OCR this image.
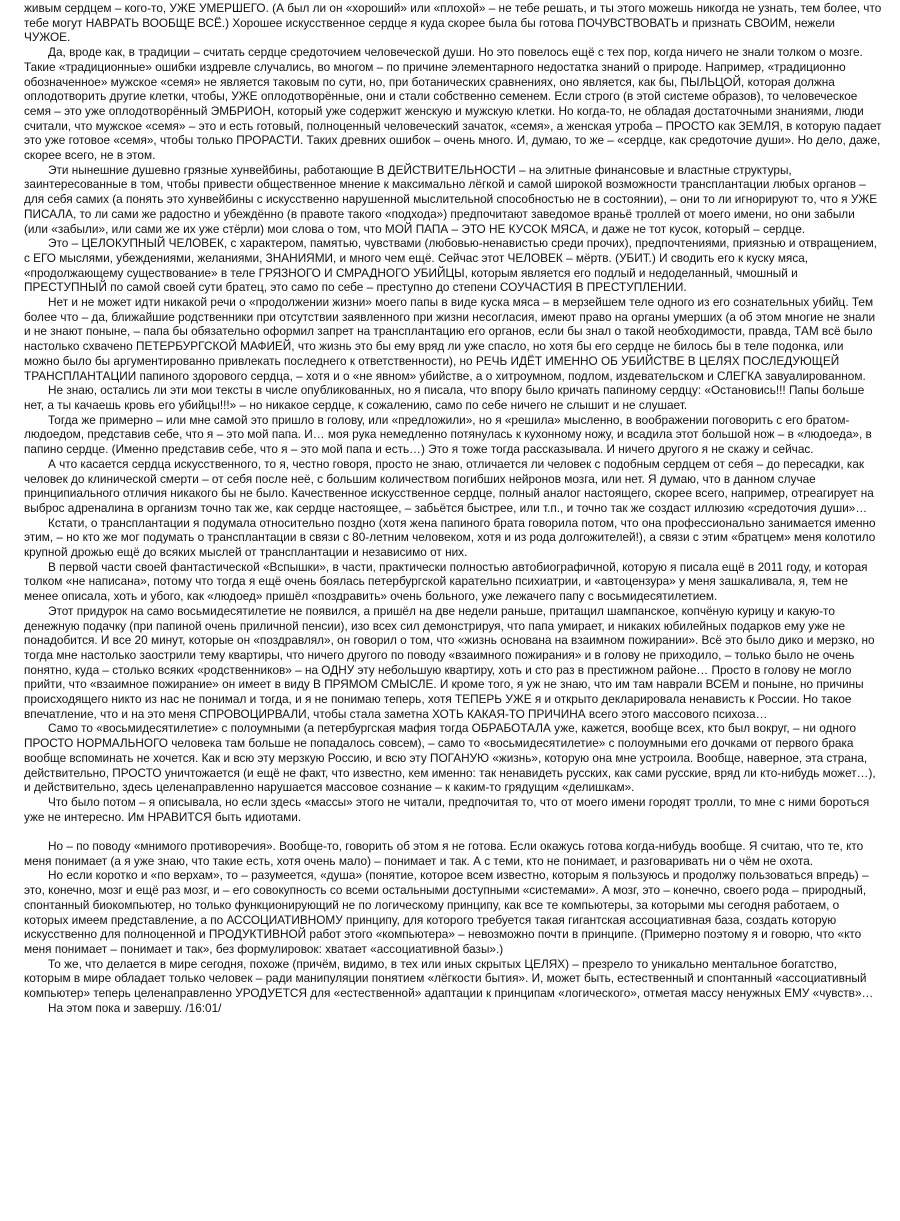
живым сердцем – кого-то, УЖЕ УМЕРШЕГО. (А был ли он «хороший» или «плохой» – не тебе решать, и ты этого можешь никогда не узнать, тем более, что тебе могут НАВРАТЬ ВООБЩЕ ВСЁ.) Хорошее искусственное сердце я куда скорее была бы готова ПОЧУВСТВОВАТЬ и признать СВОИМ, нежели ЧУЖОЕ.

Да, вроде как, в традиции – считать сердце средоточием человеческой души. Но это повелось ещё с тех пор, когда ничего не знали толком о мозге. Такие «традиционные» ошибки издревле случались, во многом – по причине элементарного недостатка знаний о природе. Например, «традиционно обозначенное» мужское «семя» не является таковым по сути, но, при ботанических сравнениях, оно является, как бы, ПЫЛЬЦОЙ, которая должна оплодотворить другие клетки, чтобы, УЖЕ оплодотворённые, они и стали собственно семенем. Если строго (в этой системе образов), то человеческое семя – это уже оплодотворённый ЭМБРИОН, который уже содержит женскую и мужскую клетки. Но когда-то, не обладая достаточными знаниями, люди считали, что мужское «семя» – это и есть готовый, полноценный человеческий зачаток, «семя», а женская утроба – ПРОСТО как ЗЕМЛЯ, в которую падает это уже готовое «семя», чтобы только ПРОРАСТИ. Таких древних ошибок – очень много. И, думаю, то же – «сердце, как средоточие души». Но дело, даже, скорее всего, не в этом.

Эти нынешние душевно грязные хунвейбины, работающие В ДЕЙСТВИТЕЛЬНОСТИ – на элитные финансовые и властные структуры, заинтересованные в том, чтобы привести общественное мнение к максимально лёгкой и самой широкой возможности трансплантации любых органов – для себя самих (а понять это хунвейбины с искусственно нарушенной мыслительной способностью не в состоянии), – они то ли игнорируют то, что я УЖЕ ПИСАЛА, то ли сами же радостно и убеждённо (в правоте такого «подхода») предпочитают заведомое враньё троллей от моего имени, но они забыли (или «забыли», или сами же их уже стёрли) мои слова о том, что МОЙ ПАПА – ЭТО НЕ КУСОК МЯСА, и даже не тот кусок, который – сердце.

Это – ЦЕЛОКУПНЫЙ ЧЕЛОВЕК, с характером, памятью, чувствами (любовью-ненавистью среди прочих), предпочтениями, приязнью и отвращением, с ЕГО мыслями, убеждениями, желаниями, ЗНАНИЯМИ, и много чем ещё. Сейчас этот ЧЕЛОВЕК – мёртв. (УБИТ.) И сводить его к куску мяса, «продолжающему существование» в теле ГРЯЗНОГО И СМРАДНОГО УБИЙЦЫ, которым является его подлый и недоделанный, чмошный и ПРЕСТУПНЫЙ по самой своей сути братец, это само по себе – преступно до степени СОУЧАСТИЯ В ПРЕСТУПЛЕНИИ.

Нет и не может идти никакой речи о «продолжении жизни» моего папы в виде куска мяса – в мерзейшем теле одного из его сознательных убийц. Тем более что – да, ближайшие родственники при отсутствии заявленного при жизни несогласия, имеют право на органы умерших (а об этом многие не знали и не знают поныне, – папа бы обязательно оформил запрет на трансплантацию его органов, если бы знал о такой необходимости, правда, ТАМ всё было настолько схвачено ПЕТЕРБУРГСКОЙ МАФИЕЙ, что жизнь это бы ему вряд ли уже спасло, но хотя бы его сердце не билось бы в теле подонка, или можно было бы аргументированно привлекать последнего к ответственности), но РЕЧЬ ИДЁТ ИМЕННО ОБ УБИЙСТВЕ В ЦЕЛЯХ ПОСЛЕДУЮЩЕЙ ТРАНСПЛАНТАЦИИ папиного здорового сердца, – хотя и о «не явном» убийстве, а о хитроумном, подлом, издевательском и СЛЕГКА завуалированном.

Не знаю, остались ли эти мои тексты в числе опубликованных, но я писала, что впору было кричать папиному сердцу: «Остановись!!! Папы больше нет, а ты качаешь кровь его убийцы!!!» – но никакое сердце, к сожалению, само по себе ничего не слышит и не слушает.

Тогда же примерно – или мне самой это пришло в голову, или «предложили», но я «решила» мысленно, в воображении поговорить с его братом-людоедом, представив себе, что я – это мой папа. И… моя рука немедленно потянулась к кухонному ножу, и всадила этот большой нож – в «людоеда», в папино сердце. (Именно представив себе, что я – это мой папа и есть…) Это я тоже тогда рассказывала. И ничего другого я не скажу и сейчас.

А что касается сердца искусственного, то я, честно говоря, просто не знаю, отличается ли человек с подобным сердцем от себя – до пересадки, как человек до клинической смерти – от себя после неё, с большим количеством погибших нейронов мозга, или нет. Я думаю, что в данном случае принципиального отличия никакого бы не было. Качественное искусственное сердце, полный аналог настоящего, скорее всего, например, отреагирует на выброс адреналина в организм точно так же, как сердце настоящее, – забьётся быстрее, или т.п., и точно так же создаст иллюзию «средоточия души»…

Кстати, о трансплантации я подумала относительно поздно (хотя жена папиного брата говорила потом, что она профессионально занимается именно этим, – но кто же мог подумать о трансплантации в связи с 80-летним человеком, хотя и из рода долгожителей!), а связи с этим «братцем» меня колотило крупной дрожью ещё до всяких мыслей от трансплантации и независимо от них.

В первой части своей фантастической «Вспышки», в части, практически полностью автобиографичной, которую я писала ещё в 2011 году, и которая толком «не написана», потому что тогда я ещё очень боялась петербургской карательно психиатрии, и «автоцензура» у меня зашкаливала, я, тем не менее описала, хоть и убого, как «людоед» пришёл «поздравить» очень больного, уже лежачего папу с восьмидесятилетием.

Этот придурок на само восьмидесятилетие не появился, а пришёл на две недели раньше, притащил шампанское, копчёную курицу и какую-то денежную подачку (при папиной очень приличной пенсии), изо всех сил демонстрируя, что папа умирает, и никаких юбилейных подарков ему уже не понадобится. И все 20 минут, которые он «поздравлял», он говорил о том, что «жизнь основана на взаимном пожирании». Всё это было дико и мерзко, но тогда мне настолько заострили тему квартиры, что ничего другого по поводу «взаимного пожирания» и в голову не приходило, – только было не очень понятно, куда – столько всяких «родственников» – на ОДНУ эту небольшую квартиру, хоть и сто раз в престижном районе… Просто в голову не могло прийти, что «взаимное пожирание» он имеет в виду В ПРЯМОМ СМЫСЛЕ. И кроме того, я уж не знаю, что им там наврали ВСЕМ и поныне, но причины происходящего никто из нас не понимал и тогда, и я не понимаю теперь, хотя ТЕПЕРЬ УЖЕ я и открыто декларировала ненависть к России. Но такое впечатление, что и на это меня СПРОВОЦИРВАЛИ, чтобы стала заметна ХОТЬ КАКАЯ-ТО ПРИЧИНА всего этого массового психоза…

Само то «восьмидесятилетие» с полоумными (а петербургская мафия тогда ОБРАБОТАЛА уже, кажется, вообще всех, кто был вокруг, – ни одного ПРОСТО НОРМАЛЬНОГО человека там больше не попадалось совсем), – само то «восьмидесятилетие» с полоумными его дочками от первого брака вообще вспоминать не хочется. Как и всю эту мерзкую Россию, и всю эту ПОГАНУЮ «жизнь», которую она мне устроила. Вообще, наверное, эта страна, действительно, ПРОСТО уничтожается (и ещё не факт, что известно, кем именно: так ненавидеть русских, как сами русские, вряд ли кто-нибудь может…), и действительно, здесь целенаправленно нарушается массовое сознание – к каким-то грядущим «делишкам».

Что было потом – я описывала, но если здесь «массы» этого не читали, предпочитая то, что от моего имени городят тролли, то мне с ними бороться уже не интересно. Им НРАВИТСЯ быть идиотами.

Но – по поводу «мнимого противоречия». Вообще-то, говорить об этом я не готова. Если окажусь готова когда-нибудь вообще. Я считаю, что те, кто меня понимает (а я уже знаю, что такие есть, хотя очень мало) – понимает и так. А с теми, кто не понимает, и разговаривать ни о чём не охота.

Но если коротко и «по верхам», то – разумеется, «душа» (понятие, которое всем известно, которым я пользуюсь и продолжу пользоваться впредь) – это, конечно, мозг и ещё раз мозг, и – его совокупность со всеми остальными доступными «системами». А мозг, это – конечно, своего рода – природный, спонтанный биокомпьютер, но только функционирующий не по логическому принципу, как все те компьютеры, за которыми мы сегодня работаем, о которых имеем представление, а по АССОЦИАТИВНОМУ принципу, для которого требуется такая гигантская ассоциативная база, создать которую искусственно для полноценной и ПРОДУКТИВНОЙ работ этого «компьютера» – невозможно почти в принципе. (Примерно поэтому я и говорю, что «кто меня понимает – понимает и так», без формулировок: хватает «ассоциативной базы».)

То же, что делается в мире сегодня, похоже (причём, видимо, в тех или иных скрытых ЦЕЛЯХ) – презрело то уникально ментальное богатство, которым в мире обладает только человек – ради манипуляции понятием «лёгкости бытия». И, может быть, естественный и спонтанный «ассоциативный компьютер» теперь целенаправленно УРОДУЕТСЯ для «естественной» адаптации к принципам «логического», отметая массу ненужных ЕМУ «чувств»…

На этом пока и завершу. /16:01/
